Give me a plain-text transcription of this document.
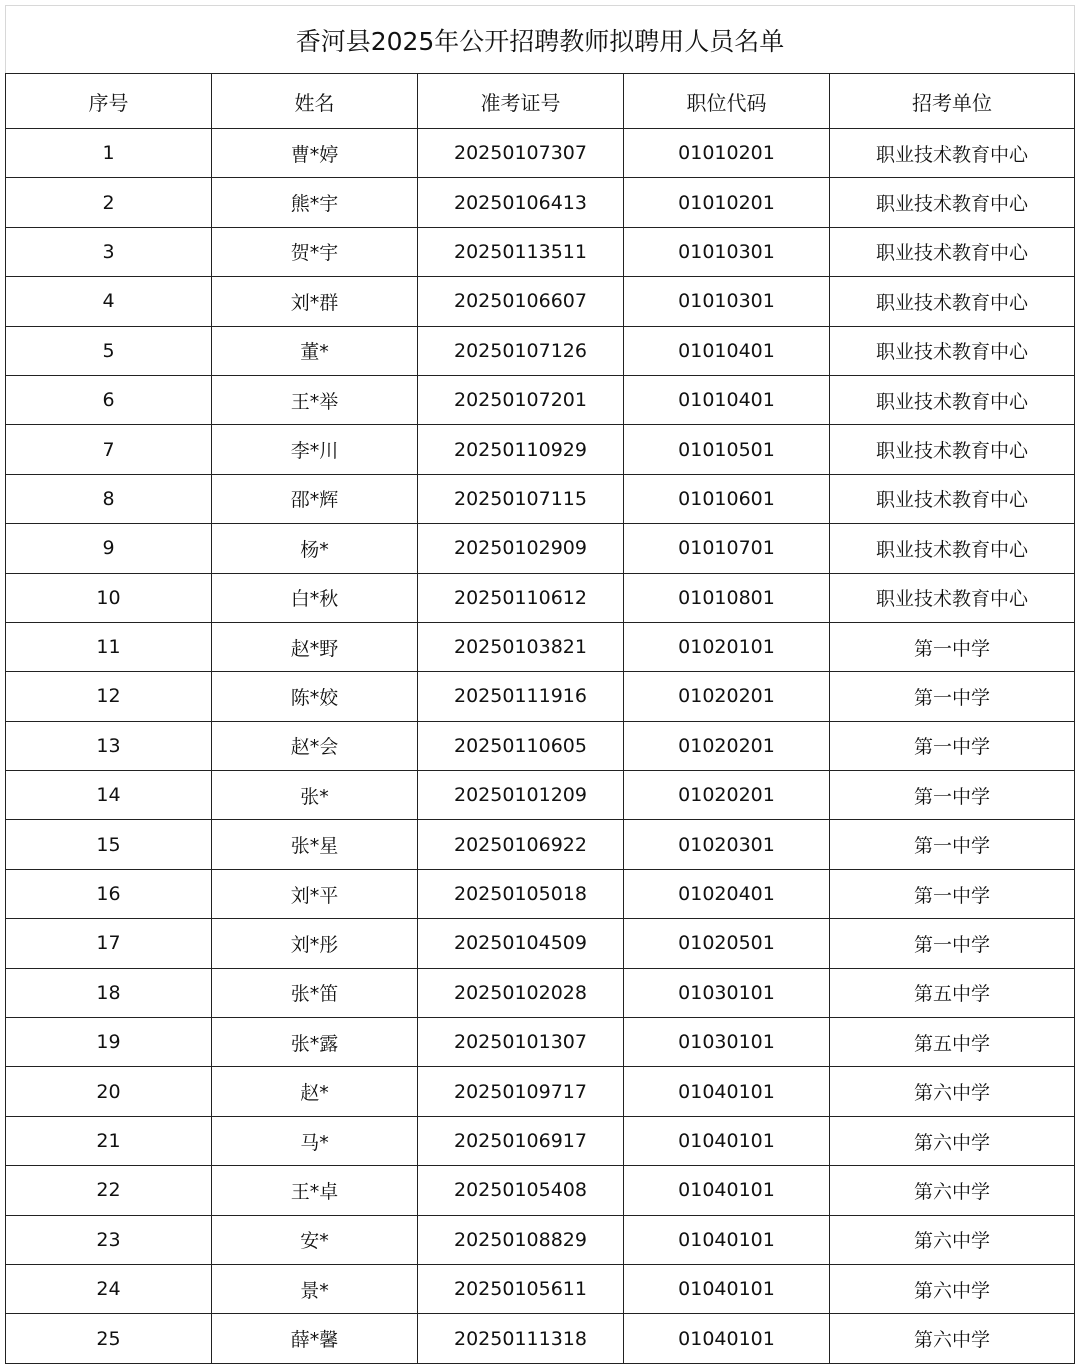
香河县2025年公开招聘教师拟聘用人员名单				
序号	姓名	准考证号	职位代码	招考单位
1	曹*婷	20250107307	01010201	职业技术教育中心
2	熊*宇	20250106413	01010201	职业技术教育中心
3	贺*宇	20250113511	01010301	职业技术教育中心
4	刘*群	20250106607	01010301	职业技术教育中心
5	董*	20250107126	01010401	职业技术教育中心
6	王*举	20250107201	01010401	职业技术教育中心
7	李*川	20250110929	01010501	职业技术教育中心
8	邵*辉	20250107115	01010601	职业技术教育中心
9	杨*	20250102909	01010701	职业技术教育中心
10	白*秋	20250110612	01010801	职业技术教育中心
11	赵*野	20250103821	01020101	第一中学
12	陈*姣	20250111916	01020201	第一中学
13	赵*会	20250110605	01020201	第一中学
14	张*	20250101209	01020201	第一中学
15	张*星	20250106922	01020301	第一中学
16	刘*平	20250105018	01020401	第一中学
17	刘*彤	20250104509	01020501	第一中学
18	张*笛	20250102028	01030101	第五中学
19	张*露	20250101307	01030101	第五中学
20	赵*	20250109717	01040101	第六中学
21	马*	20250106917	01040101	第六中学
22	王*卓	20250105408	01040101	第六中学
23	安*	20250108829	01040101	第六中学
24	景*	20250105611	01040101	第六中学
25	薛*馨	20250111318	01040101	第六中学
